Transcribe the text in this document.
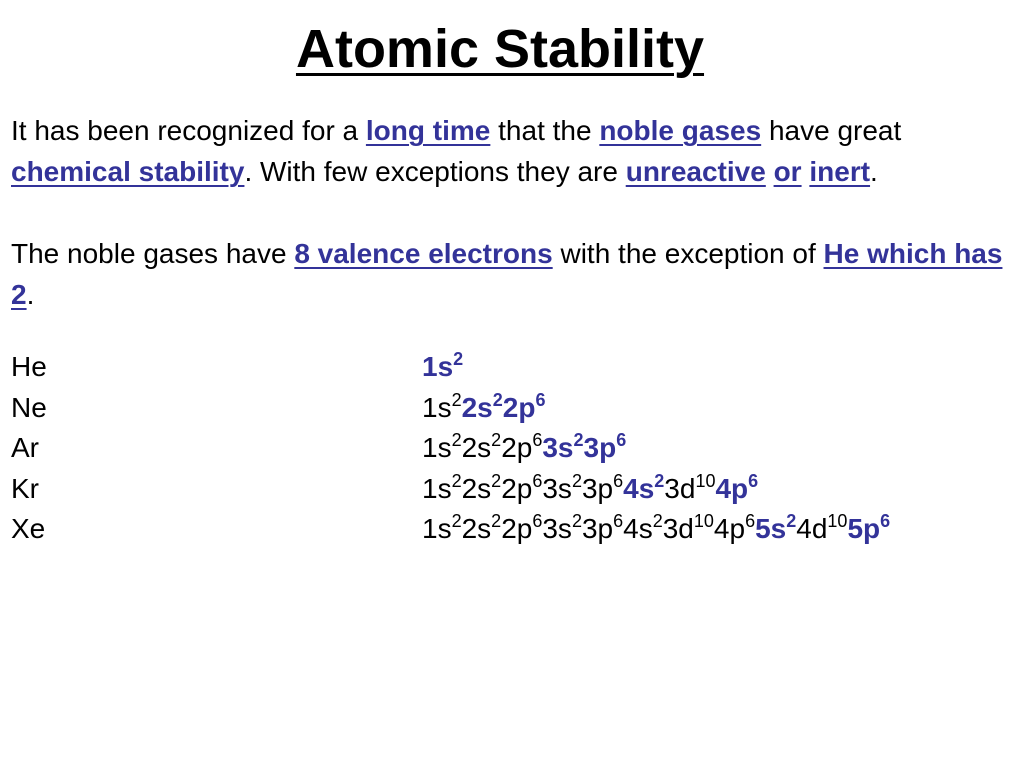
Atomic Stability
It has been recognized for a long time that the noble gases have great chemical stability. With few exceptions they are unreactive or inert.
The noble gases have 8 valence electrons with the exception of He which has 2.
He	$1s^2$
Ne	$1s^22s^22p^6$
Ar	$1s^22s^22p^63s^23p^6$
Kr	$1s^22s^22p^63s^23p^64s^23d^{10}4p^6$
Xe	$1s^22s^22p^63s^23p^64s^23d^{10}4p^65s^24d^{10}5p^6$
